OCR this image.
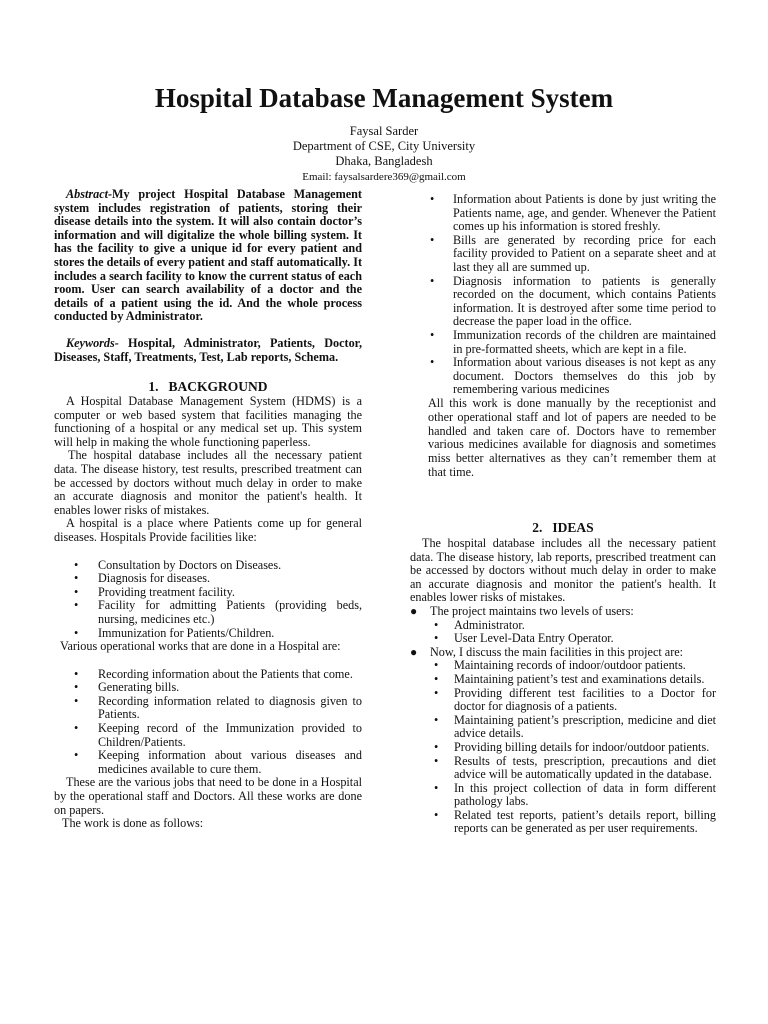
Hospital Database Management System
Faysal Sarder
Department of CSE, City University
Dhaka, Bangladesh
Email: faysalsardere369@gmail.com

Abstract-My project Hospital Database Management system includes registration of patients, storing their disease details into the system. It will also contain doctor’s information and will digitalize the whole billing system. It has the facility to give a unique id for every patient and stores the details of every patient and staff automatically. It includes a search facility to know the current status of each room. User can search availability of a doctor and the details of a patient using the id. And the whole process conducted by Administrator.

Keywords- Hospital, Administrator, Patients, Doctor, Diseases, Staff, Treatments, Test, Lab reports, Schema.

1. BACKGROUND

A Hospital Database Management System (HDMS) is a computer or web based system that facilities managing the functioning of a hospital or any medical set up. This system will help in making the whole functioning paperless.

The hospital database includes all the necessary patient data. The disease history, test results, prescribed treatment can be accessed by doctors without much delay in order to make an accurate diagnosis and monitor the patient's health. It enables lower risks of mistakes.

A hospital is a place where Patients come up for general diseases. Hospitals Provide facilities like:

• Consultation by Doctors on Diseases.
• Diagnosis for diseases.
• Providing treatment facility.
• Facility for admitting Patients (providing beds, nursing, medicines etc.)
• Immunization for Patients/Children.

Various operational works that are done in a Hospital are:

• Recording information about the Patients that come.
• Generating bills.
• Recording information related to diagnosis given to Patients.
• Keeping record of the Immunization provided to Children/Patients.
• Keeping information about various diseases and medicines available to cure them.

These are the various jobs that need to be done in a Hospital by the operational staff and Doctors. All these works are done on papers.

The work is done as follows:

• Information about Patients is done by just writing the Patients name, age, and gender. Whenever the Patient comes up his information is stored freshly.
• Bills are generated by recording price for each facility provided to Patient on a separate sheet and at last they all are summed up.
• Diagnosis information to patients is generally recorded on the document, which contains Patients information. It is destroyed after some time period to decrease the paper load in the office.
• Immunization records of the children are maintained in pre-formatted sheets, which are kept in a file.
• Information about various diseases is not kept as any document. Doctors themselves do this job by remembering various medicines

All this work is done manually by the receptionist and other operational staff and lot of papers are needed to be handled and taken care of. Doctors have to remember various medicines available for diagnosis and sometimes miss better alternatives as they can’t remember them at that time.

2. IDEAS

The hospital database includes all the necessary patient data. The disease history, lab reports, prescribed treatment can be accessed by doctors without much delay in order to make an accurate diagnosis and monitor the patient's health. It enables lower risks of mistakes.

● The project maintains two levels of users:
• Administrator.
• User Level-Data Entry Operator.
● Now, I discuss the main facilities in this project are:
• Maintaining records of indoor/outdoor patients.
• Maintaining patient’s test and examinations details.
• Providing different test facilities to a Doctor for doctor for diagnosis of a patients.
• Maintaining patient’s prescription, medicine and diet advice details.
• Providing billing details for indoor/outdoor patients.
• Results of tests, prescription, precautions and diet advice will be automatically updated in the database.
• In this project collection of data in form different pathology labs.
• Related test reports, patient’s details report, billing reports can be generated as per user requirements.
